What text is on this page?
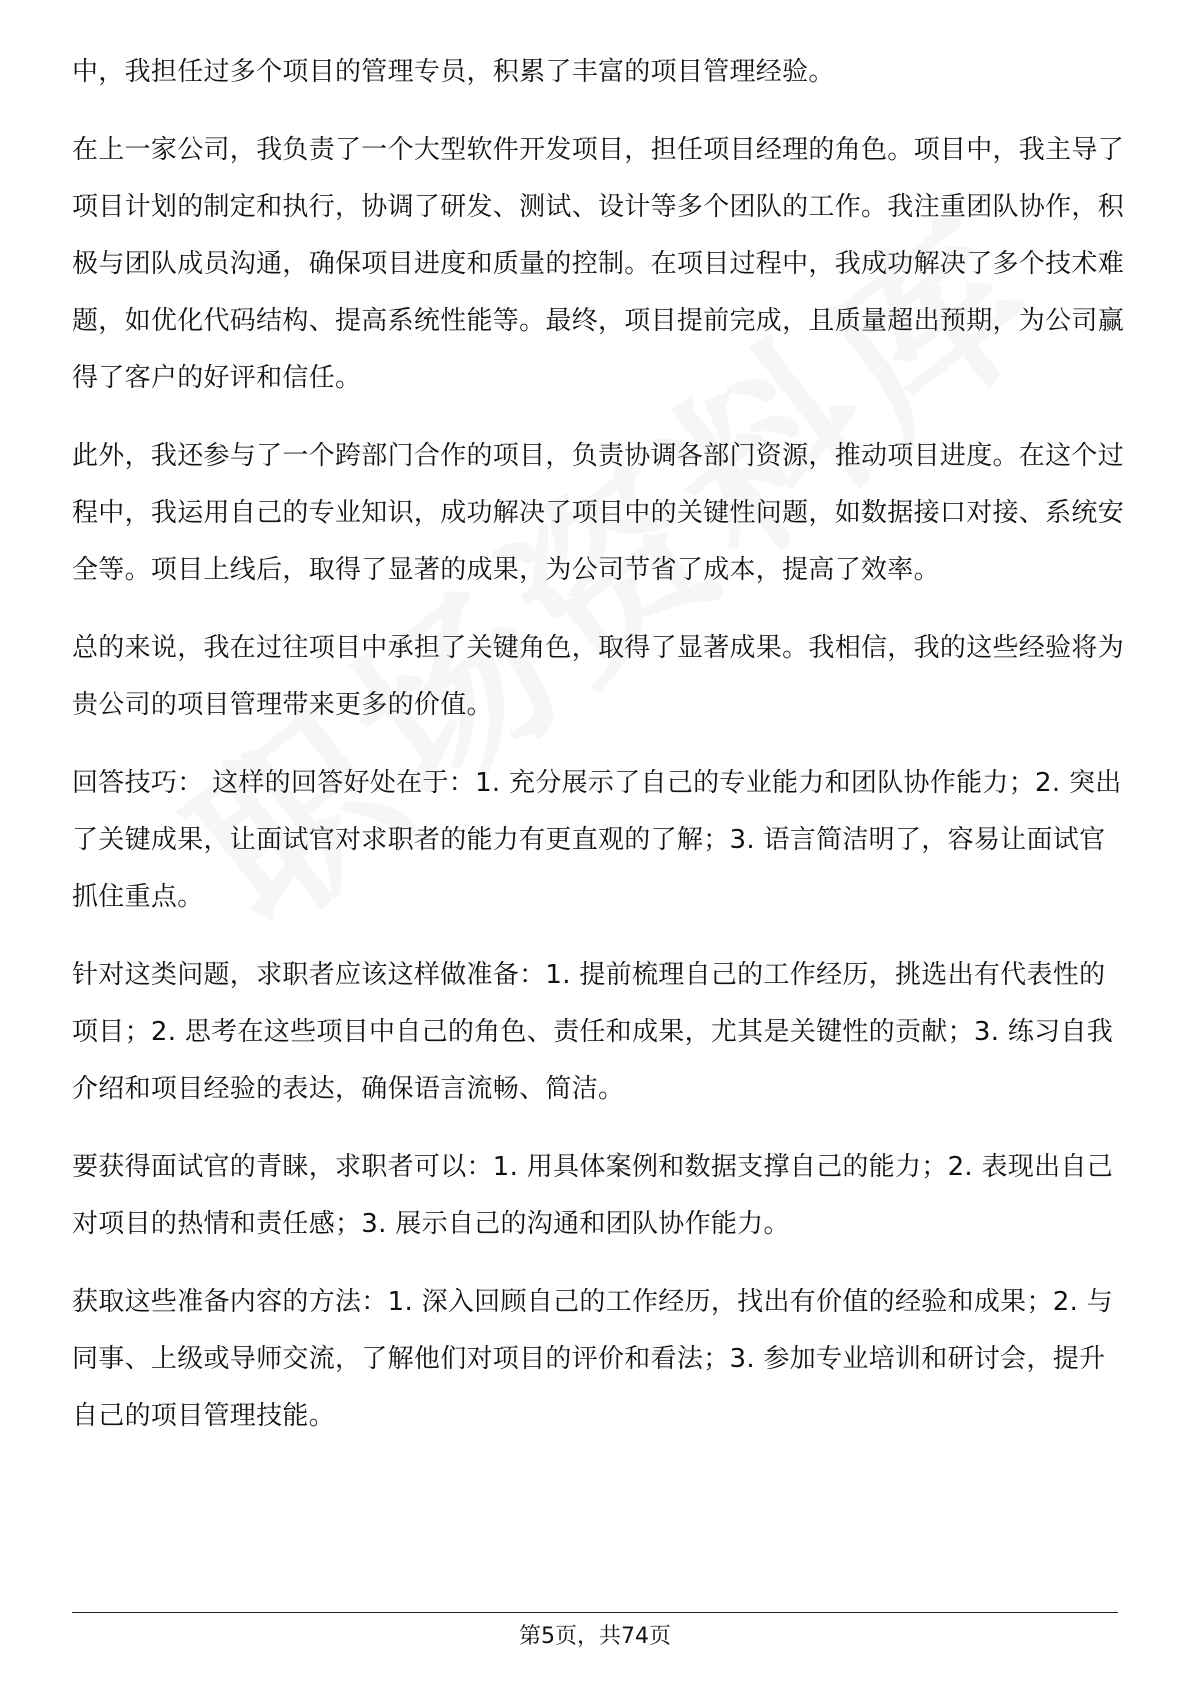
中，我担任过多个项目的管理专员，积累了丰富的项目管理经验。

在上一家公司，我负责了一个大型软件开发项目，担任项目经理的角色。项目中，我主导了项目计划的制定和执行，协调了研发、测试、设计等多个团队的工作。我注重团队协作，积极与团队成员沟通，确保项目进度和质量的控制。在项目过程中，我成功解决了多个技术难题，如优化代码结构、提高系统性能等。最终，项目提前完成，且质量超出预期，为公司赢得了客户的好评和信任。

此外，我还参与了一个跨部门合作的项目，负责协调各部门资源，推动项目进度。在这个过程中，我运用自己的专业知识，成功解决了项目中的关键性问题，如数据接口对接、系统安全等。项目上线后，取得了显著的成果，为公司节省了成本，提高了效率。

总的来说，我在过往项目中承担了关键角色，取得了显著成果。我相信，我的这些经验将为贵公司的项目管理带来更多的价值。

回答技巧： 这样的回答好处在于：1. 充分展示了自己的专业能力和团队协作能力；2. 突出了关键成果，让面试官对求职者的能力有更直观的了解；3. 语言简洁明了，容易让面试官抓住重点。

针对这类问题，求职者应该这样做准备：1. 提前梳理自己的工作经历，挑选出有代表性的项目；2. 思考在这些项目中自己的角色、责任和成果，尤其是关键性的贡献；3. 练习自我介绍和项目经验的表达，确保语言流畅、简洁。

要获得面试官的青睐，求职者可以：1. 用具体案例和数据支撑自己的能力；2. 表现出自己对项目的热情和责任感；3. 展示自己的沟通和团队协作能力。

获取这些准备内容的方法：1. 深入回顾自己的工作经历，找出有价值的经验和成果；2. 与同事、上级或导师交流，了解他们对项目的评价和看法；3. 参加专业培训和研讨会，提升自己的项目管理技能。

第5页，共74页
